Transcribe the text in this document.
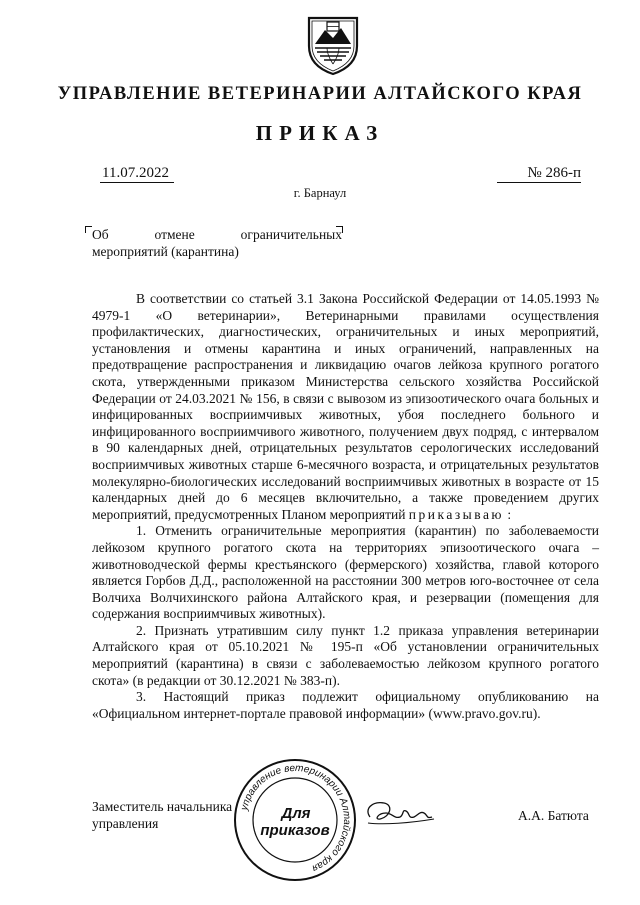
УПРАВЛЕНИЕ ВЕТЕРИНАРИИ АЛТАЙСКОГО КРАЯ
ПРИКАЗ
11.07.2022	№ 286-п
г. Барнаул
Об	отмене	ограничительных
мероприятий (карантина)

В соответствии со статьей 3.1 Закона Российской Федерации от 14.05.1993 № 4979-1 «О ветеринарии», Ветеринарными правилами осуществления профилактических, диагностических, ограничительных и иных мероприятий, установления и отмены карантина и иных ограничений, направленных на предотвращение распространения и ликвидацию очагов лейкоза крупного рогатого скота, утвержденными приказом Министерства сельского хозяйства Российской Федерации от 24.03.2021 № 156, в связи с вывозом из эпизоотического очага больных и инфицированных восприимчивых животных, убоя последнего больного и инфицированного восприимчивого животного, получением двух подряд, с интервалом в 90 календарных дней, отрицательных результатов серологических исследований восприимчивых животных старше 6-месячного возраста, и отрицательных результатов молекулярно-биологических исследований восприимчивых животных в возрасте от 15 календарных дней до 6 месяцев включительно, а также проведением других мероприятий, предусмотренных Планом мероприятий приказываю :

1. Отменить ограничительные мероприятия (карантин) по заболеваемости лейкозом крупного рогатого скота на территориях эпизоотического очага – животноводческой фермы крестьянского (фермерского) хозяйства, главой которого является Горбов Д.Д., расположенной на расстоянии 300 метров юго-восточнее от села Волчиха Волчихинского района Алтайского края, и резервации (помещения для содержания восприимчивых животных).

2. Признать утратившим силу пункт 1.2 приказа управления ветеринарии Алтайского края от 05.10.2021 № 195-п «Об установлении ограничительных мероприятий (карантина) в связи с заболеваемостью лейкозом крупного рогатого скота» (в редакции от 30.12.2021 № 383-п).

3. Настоящий приказ подлежит официальному опубликованию на «Официальном интернет-портале правовой информации» (www.pravo.gov.ru).

Заместитель начальника
управления
управление ветеринарии Алтайского края
Для
приказов
А.А. Батюта
